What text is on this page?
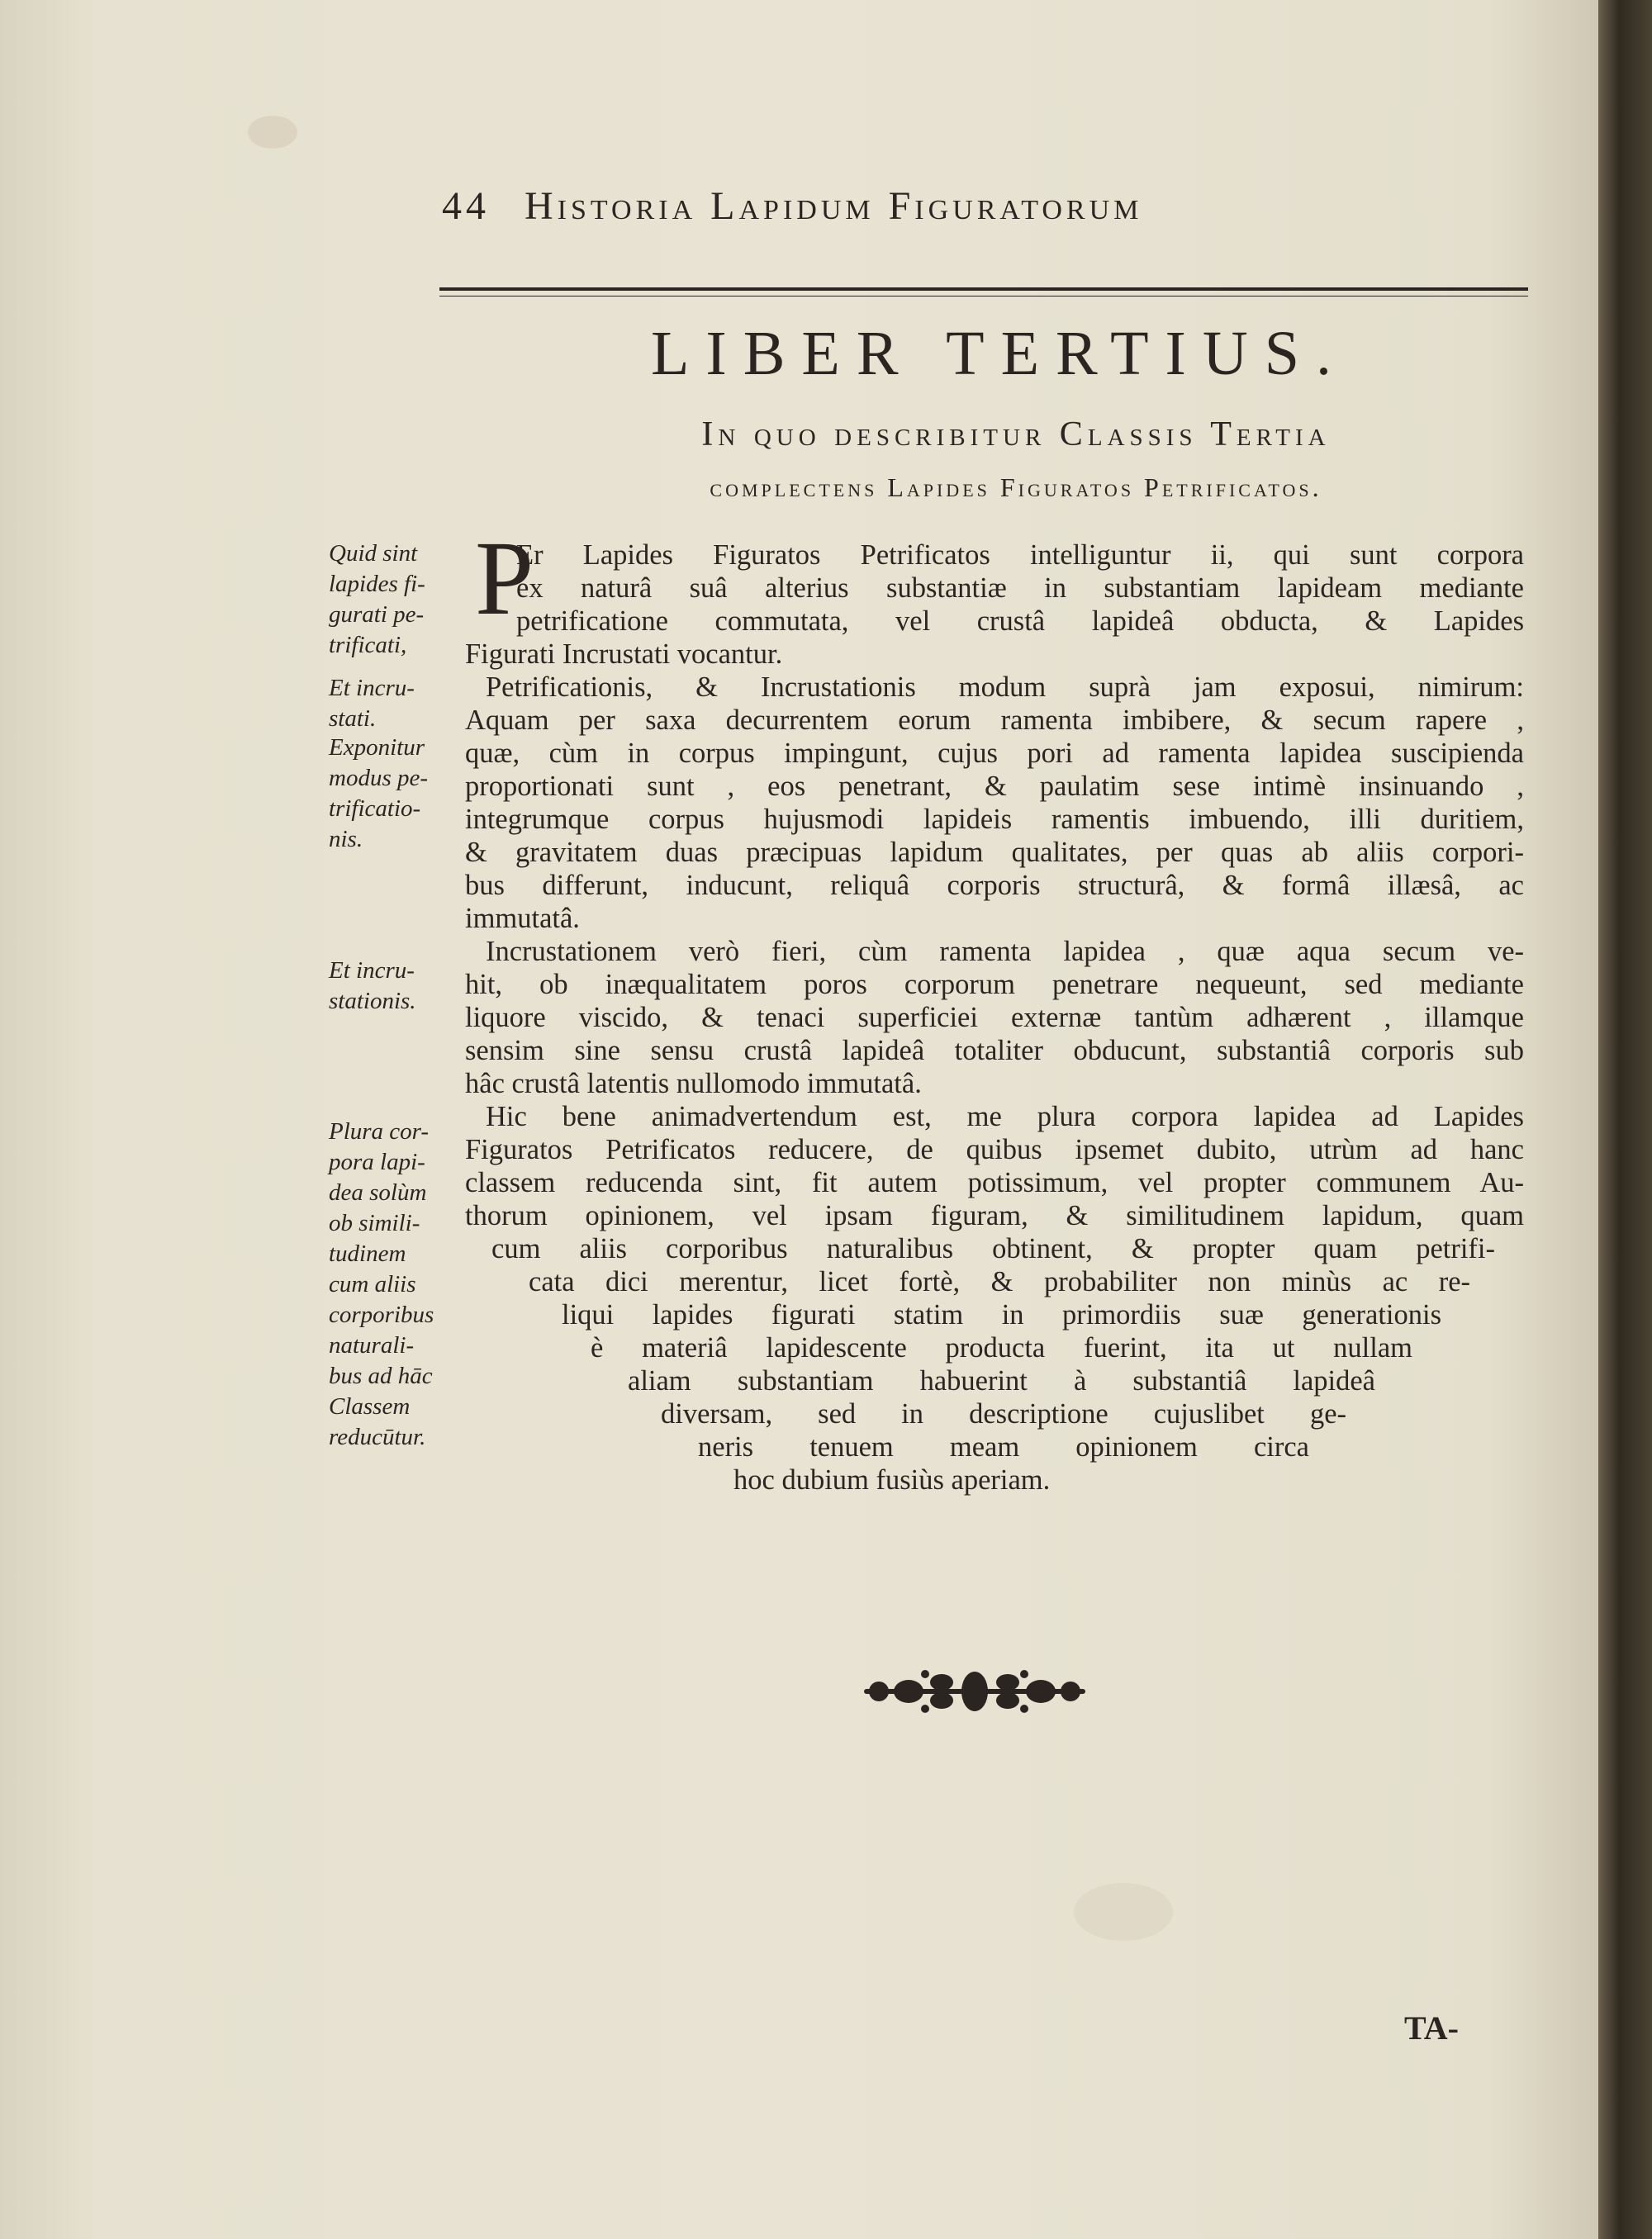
44 Historia Lapidum Figuratorum
LIBER TERTIUS.
In quo describitur Classis Tertia
complectens Lapides Figuratos Petrificatos.
Quid sint
lapides fi-
gurati pe-
trificati,
Et incru-
stati.
Exponitur
modus pe-
trificatio-
nis.
Et incru-
stationis.
Plura cor-
pora lapi-
dea solùm
ob simili-
tudinem
cum aliis
corporibus
naturali-
bus ad hāc
Classem
reducūtur.
P
Er Lapides Figuratos Petrificatos intelliguntur ii, qui sunt corpora
ex naturâ suâ alterius substantiæ in substantiam lapideam mediante
petrificatione commutata, vel crustâ lapideâ obducta, & Lapides
Figurati Incrustati vocantur.
Petrificationis, & Incrustationis modum suprà jam exposui, nimirum:
Aquam per saxa decurrentem eorum ramenta imbibere, & secum rapere ,
quæ, cùm in corpus impingunt, cujus pori ad ramenta lapidea suscipienda
proportionati sunt , eos penetrant, & paulatim sese intimè insinuando ,
integrumque corpus hujusmodi lapideis ramentis imbuendo, illi duritiem,
& gravitatem duas præcipuas lapidum qualitates, per quas ab aliis corpori-
bus differunt, inducunt, reliquâ corporis structurâ, & formâ illæsâ, ac
immutatâ.
Incrustationem verò fieri, cùm ramenta lapidea , quæ aqua secum ve-
hit, ob inæqualitatem poros corporum penetrare nequeunt, sed mediante
liquore viscido, & tenaci superficiei externæ tantùm adhærent , illamque
sensim sine sensu crustâ lapideâ totaliter obducunt, substantiâ corporis sub
hâc crustâ latentis nullomodo immutatâ.
Hic bene animadvertendum est, me plura corpora lapidea ad Lapides
Figuratos Petrificatos reducere, de quibus ipsemet dubito, utrùm ad hanc
classem reducenda sint, fit autem potissimum, vel propter communem Au-
thorum opinionem, vel ipsam figuram, & similitudinem lapidum, quam
cum aliis corporibus naturalibus obtinent, & propter quam petrifi-
cata dici merentur, licet fortè, & probabiliter non minùs ac re-
liqui lapides figurati statim in primordiis suæ generationis
è materiâ lapidescente producta fuerint, ita ut nullam
aliam substantiam habuerint à substantiâ lapideâ
diversam, sed in descriptione cujuslibet ge-
neris tenuem meam opinionem circa
hoc dubium fusiùs aperiam.
TA-
